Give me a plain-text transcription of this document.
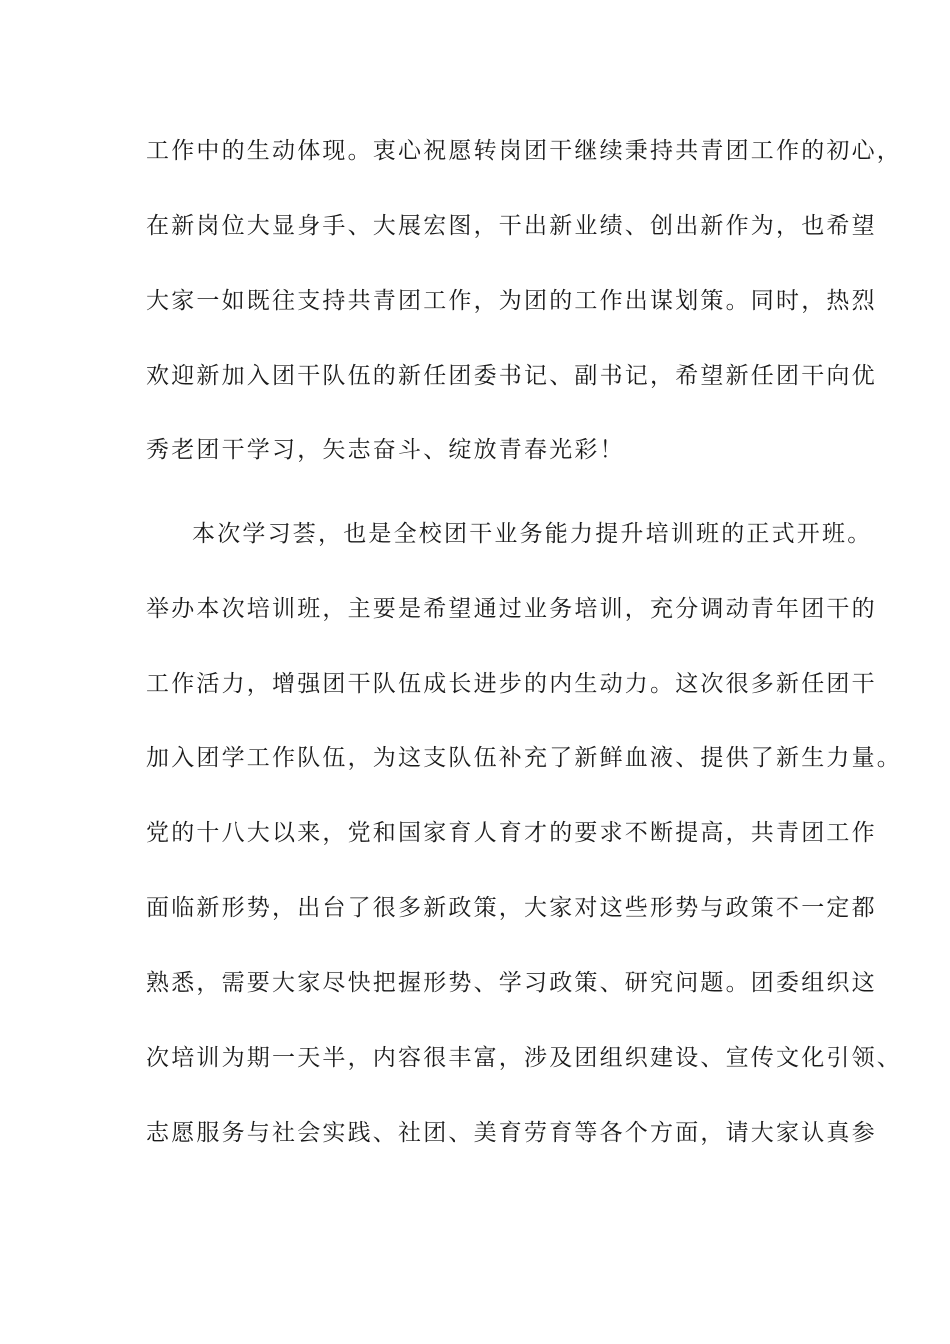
工作中的生动体现。衷心祝愿转岗团干继续秉持共青团工作的初心，
在新岗位大显身手、大展宏图，干出新业绩、创出新作为，也希望
大家一如既往支持共青团工作，为团的工作出谋划策。同时，热烈
欢迎新加入团干队伍的新任团委书记、副书记，希望新任团干向优
秀老团干学习，矢志奋斗、绽放青春光彩！
本次学习荟，也是全校团干业务能力提升培训班的正式开班。
举办本次培训班，主要是希望通过业务培训，充分调动青年团干的
工作活力，增强团干队伍成长进步的内生动力。这次很多新任团干
加入团学工作队伍，为这支队伍补充了新鲜血液、提供了新生力量。
党的十八大以来，党和国家育人育才的要求不断提高，共青团工作
面临新形势，出台了很多新政策，大家对这些形势与政策不一定都
熟悉，需要大家尽快把握形势、学习政策、研究问题。团委组织这
次培训为期一天半，内容很丰富，涉及团组织建设、宣传文化引领、
志愿服务与社会实践、社团、美育劳育等各个方面，请大家认真参
